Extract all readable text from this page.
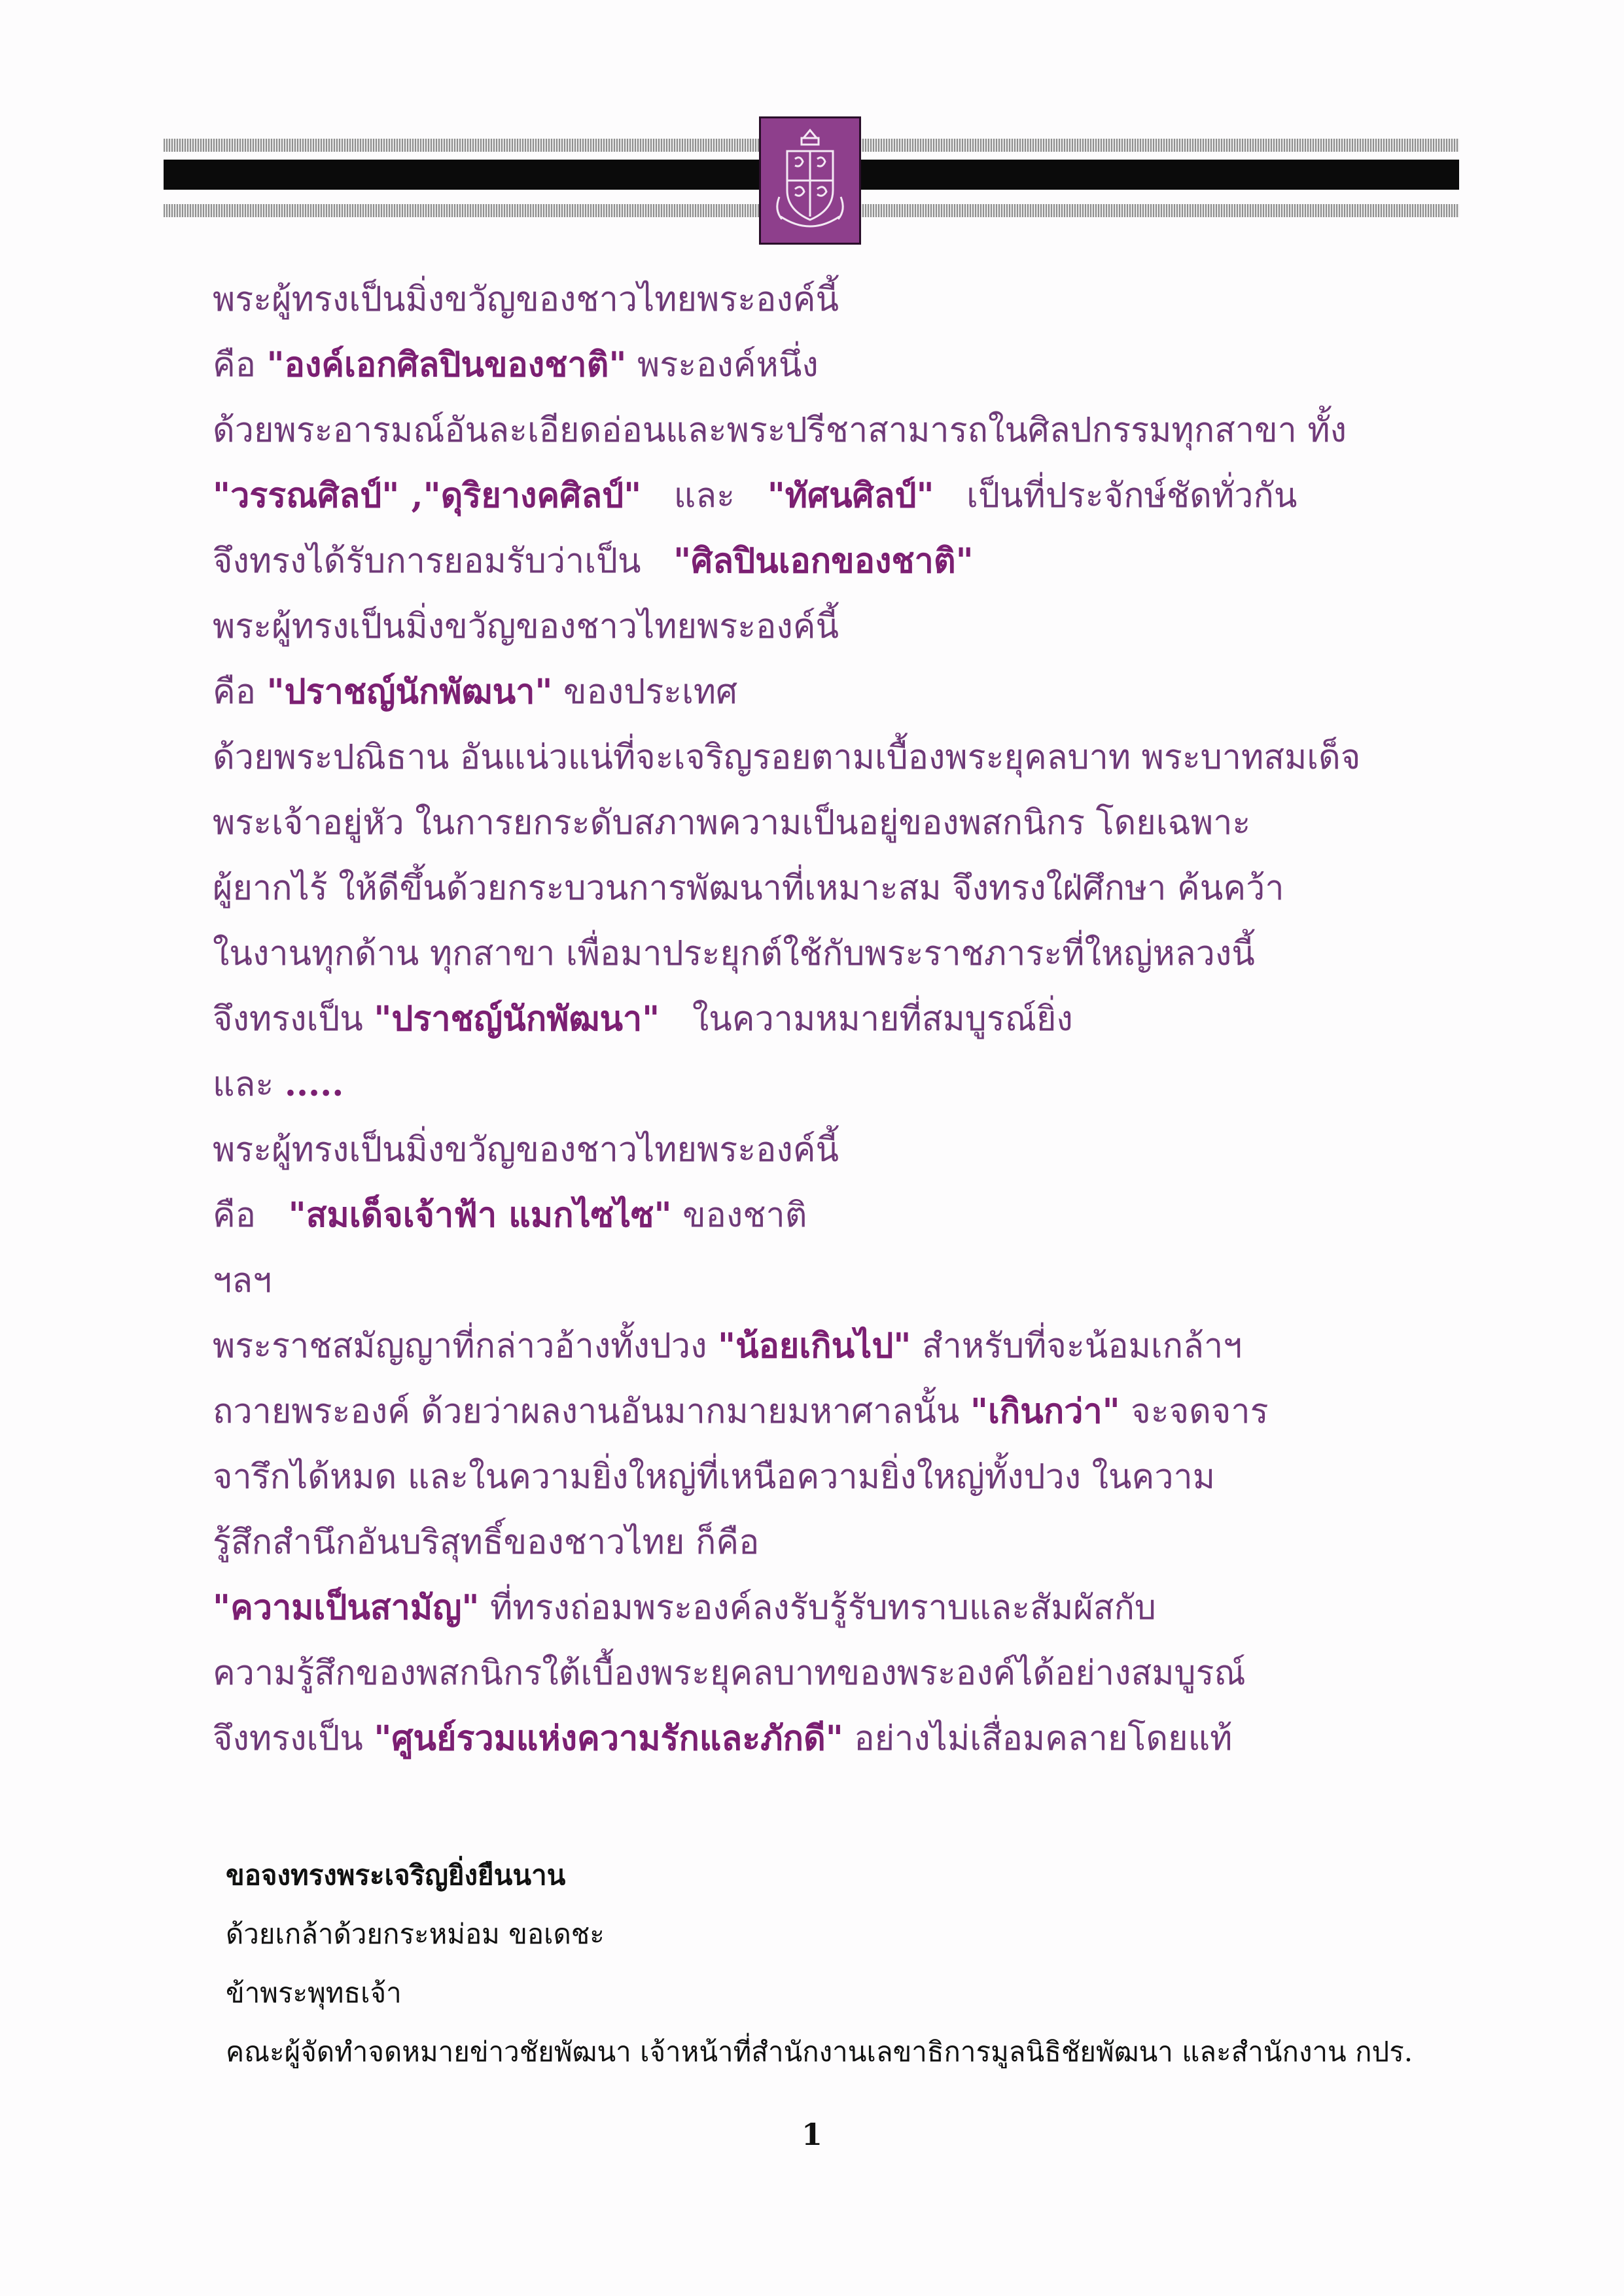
พระผู้ทรงเป็นมิ่งขวัญของชาวไทยพระองค์นี้
คือ "องค์เอกศิลปินของชาติ" พระองค์หนึ่ง
ด้วยพระอารมณ์อันละเอียดอ่อนและพระปรีชาสามารถในศิลปกรรมทุกสาขา ทั้ง
"วรรณศิลป์" ,"ดุริยางคศิลป์"   และ   "ทัศนศิลป์"   เป็นที่ประจักษ์ชัดทั่วกัน
จึงทรงได้รับการยอมรับว่าเป็น   "ศิลปินเอกของชาติ"
พระผู้ทรงเป็นมิ่งขวัญของชาวไทยพระองค์นี้
คือ "ปราชญ์นักพัฒนา" ของประเทศ
ด้วยพระปณิธาน อันแน่วแน่ที่จะเจริญรอยตามเบื้องพระยุคลบาท พระบาทสมเด็จ
พระเจ้าอยู่หัว ในการยกระดับสภาพความเป็นอยู่ของพสกนิกร โดยเฉพาะ
ผู้ยากไร้ ให้ดีขึ้นด้วยกระบวนการพัฒนาที่เหมาะสม จึงทรงใฝ่ศึกษา ค้นคว้า
ในงานทุกด้าน ทุกสาขา เพื่อมาประยุกต์ใช้กับพระราชภาระที่ใหญ่หลวงนี้
จึงทรงเป็น "ปราชญ์นักพัฒนา"   ในความหมายที่สมบูรณ์ยิ่ง
และ .....
พระผู้ทรงเป็นมิ่งขวัญของชาวไทยพระองค์นี้
คือ   "สมเด็จเจ้าฟ้า แมกไซไซ" ของชาติ
ฯลฯ
พระราชสมัญญาที่กล่าวอ้างทั้งปวง "น้อยเกินไป" สำหรับที่จะน้อมเกล้าฯ
ถวายพระองค์ ด้วยว่าผลงานอันมากมายมหาศาลนั้น "เกินกว่า" จะจดจาร
จารึกได้หมด และในความยิ่งใหญ่ที่เหนือความยิ่งใหญ่ทั้งปวง ในความ
รู้สึกสำนึกอันบริสุทธิ์ของชาวไทย ก็คือ
"ความเป็นสามัญ" ที่ทรงถ่อมพระองค์ลงรับรู้รับทราบและสัมผัสกับ
ความรู้สึกของพสกนิกรใต้เบื้องพระยุคลบาทของพระองค์ได้อย่างสมบูรณ์
จึงทรงเป็น "ศูนย์รวมแห่งความรักและภักดี" อย่างไม่เสื่อมคลายโดยแท้
ขอจงทรงพระเจริญยิ่งยืนนาน
ด้วยเกล้าด้วยกระหม่อม ขอเดชะ
ข้าพระพุทธเจ้า
คณะผู้จัดทำจดหมายข่าวชัยพัฒนา เจ้าหน้าที่สำนักงานเลขาธิการมูลนิธิชัยพัฒนา และสำนักงาน กปร.
1
